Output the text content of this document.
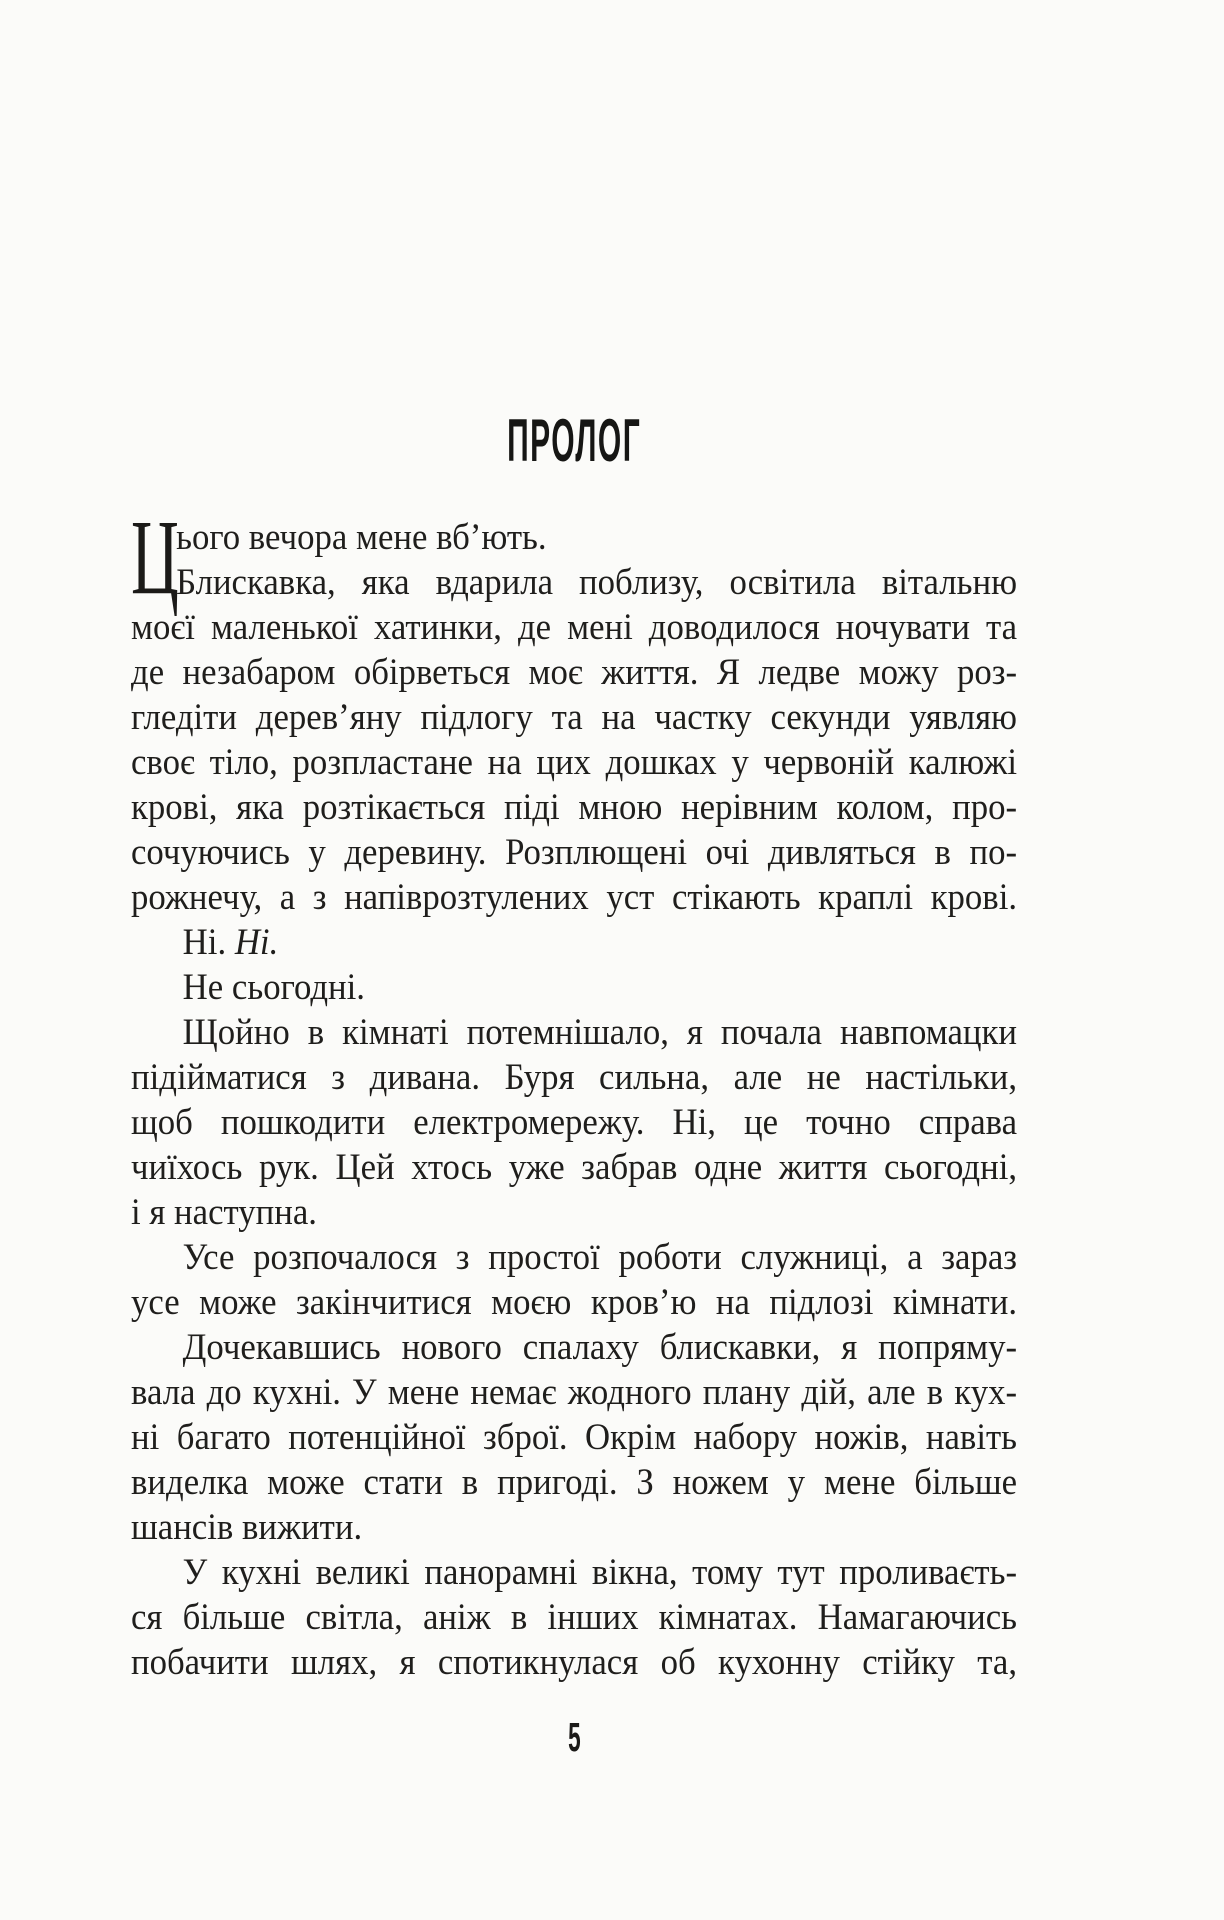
ПРОЛОГ
Ц
ього вечора мене вб’ють.
Блискавка, яка вдарила поблизу, освітила вітальню
моєї маленької хатинки, де мені доводилося ночувати та
де незабаром обірветься моє життя. Я ледве можу роз-
гледіти дерев’яну підлогу та на частку секунди уявляю
своє тіло, розпластане на цих дошках у червоній калюжі
крові, яка розтікається піді мною нерівним колом, про-
сочуючись у деревину. Розплющені очі дивляться в по-
рожнечу, а з напіврозтулених уст стікають краплі крові.
Ні. Ні.
Не сьогодні.
Щойно в кімнаті потемнішало, я почала навпомацки
підійматися з дивана. Буря сильна, але не настільки,
щоб пошкодити електромережу. Ні, це точно справа
чиїхось рук. Цей хтось уже забрав одне життя сьогодні,
і я наступна.
Усе розпочалося з простої роботи служниці, а зараз
усе може закінчитися моєю кров’ю на підлозі кімнати.
Дочекавшись нового спалаху блискавки, я попряму-
вала до кухні. У мене немає жодного плану дій, але в кух-
ні багато потенційної зброї. Окрім набору ножів, навіть
виделка може стати в пригоді. З ножем у мене більше
шансів вижити.
У кухні великі панорамні вікна, тому тут проливаєть-
ся більше світла, аніж в інших кімнатах. Намагаючись
побачити шлях, я спотикнулася об кухонну стійку та,
5
